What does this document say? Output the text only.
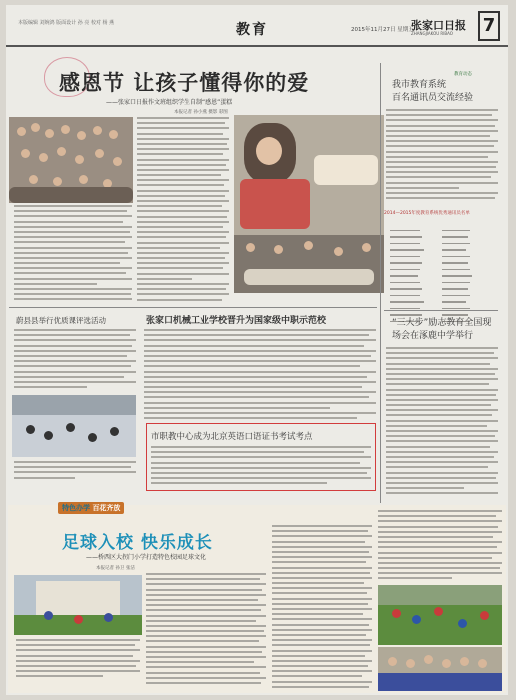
本版编辑 刘婉鸿 版面设计 孙 亮 校对 杨 燕	教育	2015年11月27日 星期五
张家口日报
ZHANGJIAKOU RIBAO 7
感恩节 让孩子懂得你的爱
——张家口日报作文班组织学生自制“感恩”蛋糕
本报记者 孙小燕 摄影 彩图
教育动态
我市教育系统
百名通讯员交流经验
2014—2015年度教育系统优秀通讯员名单
“三大步”励志教育全国现
场会在涿鹿中学举行
张家口机械工业学校晋升为国家级中职示范校
蔚县县举行优质课评选活动
市职教中心成为北京英语口语证书考试考点
特色办学 百花齐放
足球入校 快乐成长
——桥西区大拐门小学打造特色校园足球文化
本报记者 孙卫 张洁
